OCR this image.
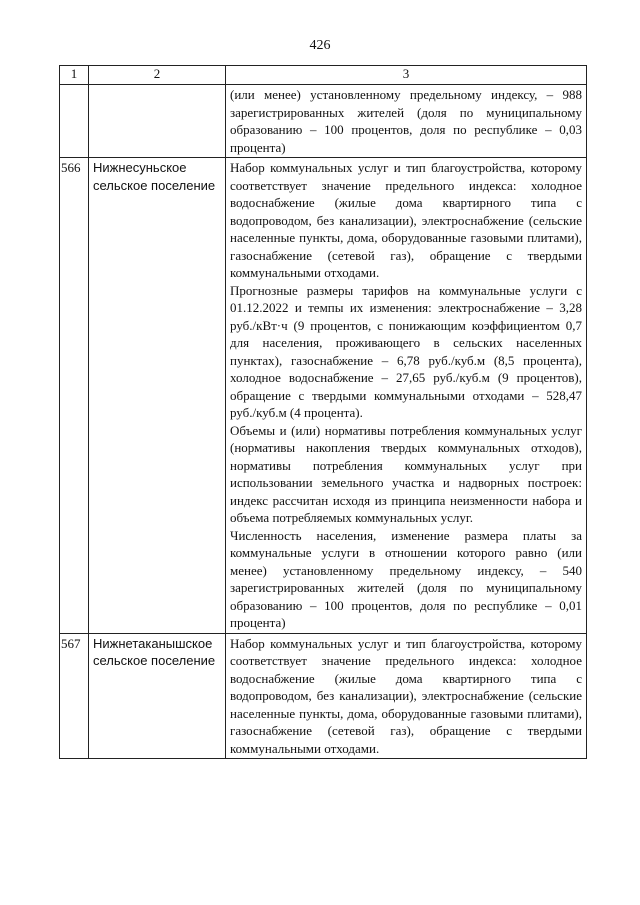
426
1	2	3

		(или менее) установленному предельному индексу, – 988 зарегистрированных жителей (доля по муниципальному образованию – 100 процентов, доля по республике – 0,03 процента)

566	Нижнесуньское сельское поселение	Набор коммунальных услуг и тип благоустройства, которому соответствует значение предельного индекса: холодное водоснабжение (жилые дома квартирного типа с водопроводом, без канализации), электроснабжение (сельские населенные пункты, дома, оборудованные газовыми плитами), газоснабжение (сетевой газ), обращение с твердыми коммунальными отходами.

Прогнозные размеры тарифов на коммунальные услуги с 01.12.2022 и темпы их изменения: электроснабжение – 3,28 руб./кВт·ч (9 процентов, с понижающим коэффициентом 0,7 для населения, проживающего в сельских населенных пунктах), газоснабжение – 6,78 руб./куб.м (8,5 процента), холодное водоснабжение – 27,65 руб./куб.м (9 процентов), обращение с твердыми коммунальными отходами – 528,47 руб./куб.м (4 процента).

Объемы и (или) нормативы потребления коммунальных услуг (нормативы накопления твердых коммунальных отходов), нормативы потребления коммунальных услуг при использовании земельного участка и надворных построек: индекс рассчитан исходя из принципа неизменности набора и объема потребляемых коммунальных услуг.

Численность населения, изменение размера платы за коммунальные услуги в отношении которого равно (или менее) установленному предельному индексу, – 540 зарегистрированных жителей (доля по муниципальному образованию – 100 процентов, доля по республике – 0,01 процента)

567	Нижнетаканышское сельское поселение	Набор коммунальных услуг и тип благоустройства, которому соответствует значение предельного индекса: холодное водоснабжение (жилые дома квартирного типа с водопроводом, без канализации), электроснабжение (сельские населенные пункты, дома, оборудованные газовыми плитами), газоснабжение (сетевой газ), обращение с твердыми коммунальными отходами.
